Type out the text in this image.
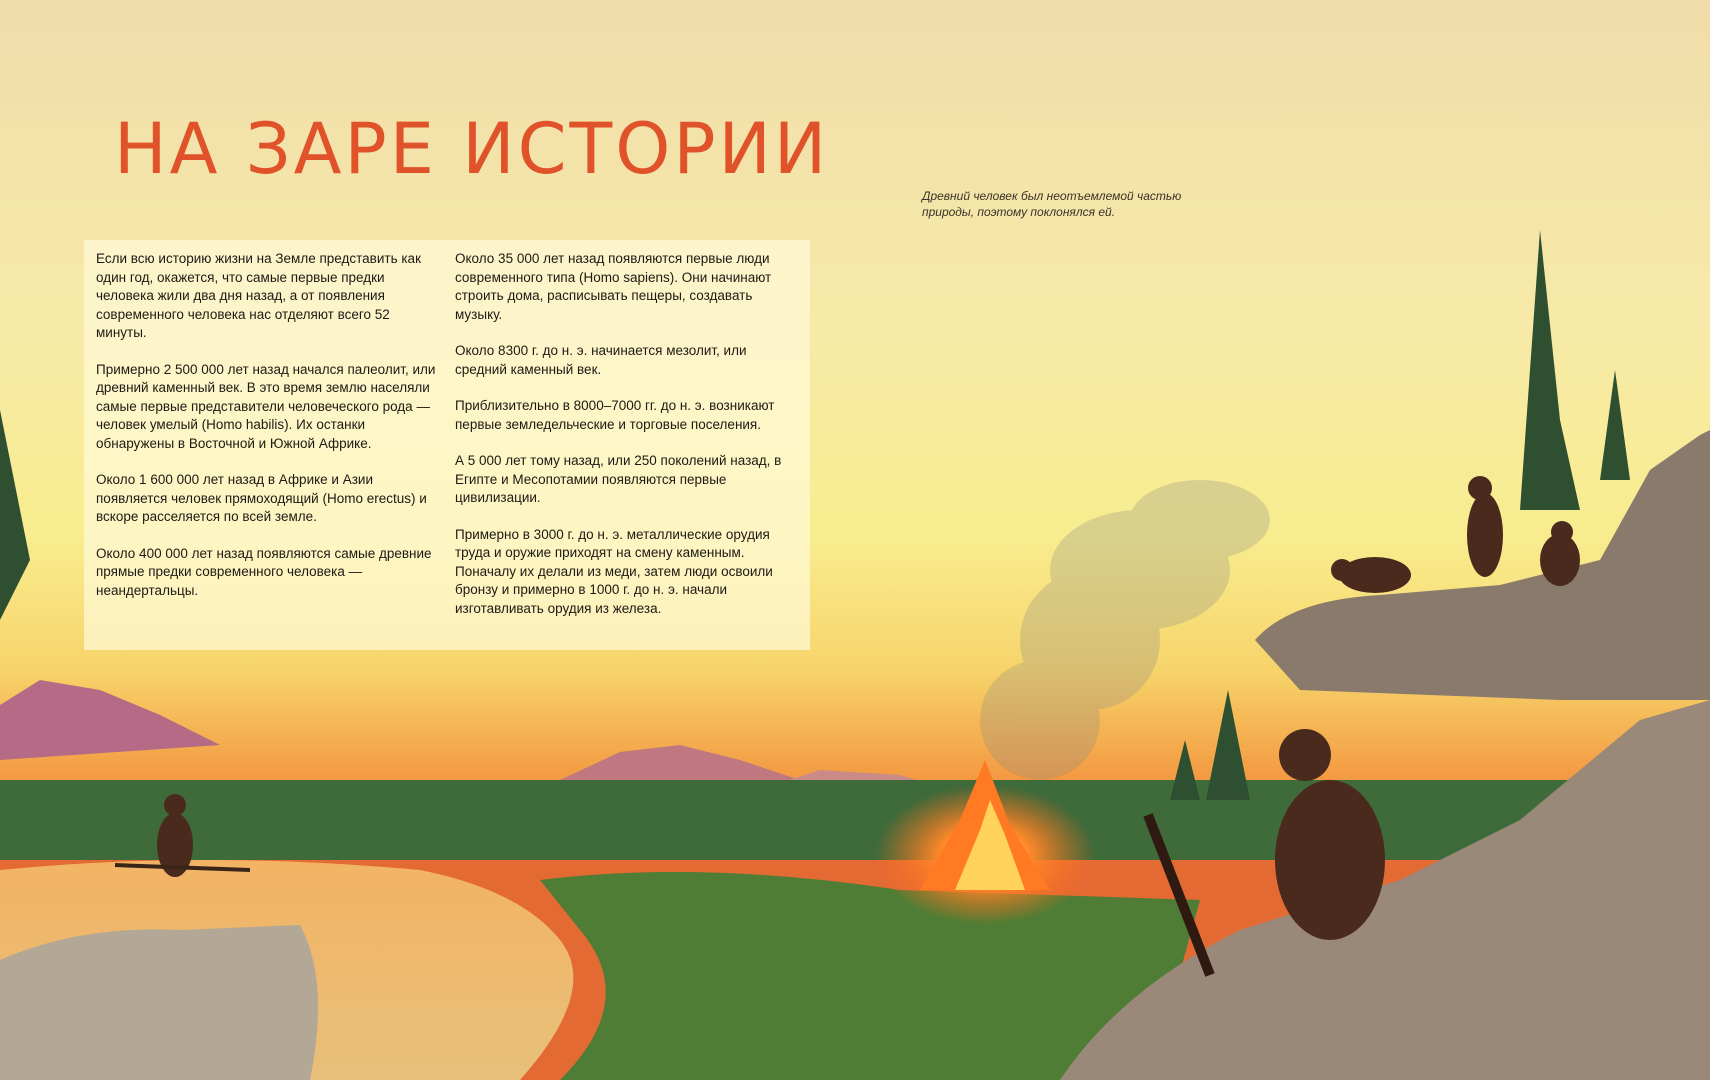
НА ЗАРЕ ИСТОРИИ
Древний человек был неотъемлемой частью природы, поэтому поклонялся ей.

Если всю историю жизни на Земле представить как один год, окажется, что самые первые предки человека жили два дня назад, а от появления современного человека нас отделяют всего 52 минуты.

Примерно 2 500 000 лет назад начался палеолит, или древний каменный век. В это время землю населяли самые первые представители человеческого рода — человек умелый (Homo habilis). Их останки обнаружены в Восточной и Южной Африке.

Около 1 600 000 лет назад в Африке и Азии появляется человек прямоходящий (Homo erectus) и вскоре расселяется по всей земле.

Около 400 000 лет назад появляются самые древние прямые предки современного человека — неандертальцы.

Около 35 000 лет назад появляются первые люди современного типа (Homo sapiens). Они начинают строить дома, расписывать пещеры, создавать музыку.

Около 8300 г. до н. э. начинается мезолит, или средний каменный век.

Приблизительно в 8000–7000 гг. до н. э. возникают первые земледельческие и торговые поселения.

А 5 000 лет тому назад, или 250 поколений назад, в Египте и Месопотамии появляются первые цивилизации.

Примерно в 3000 г. до н. э. металлические орудия труда и оружие приходят на смену каменным. Поначалу их делали из меди, затем люди освоили бронзу и примерно в 1000 г. до н. э. начали изготавливать орудия из железа.
